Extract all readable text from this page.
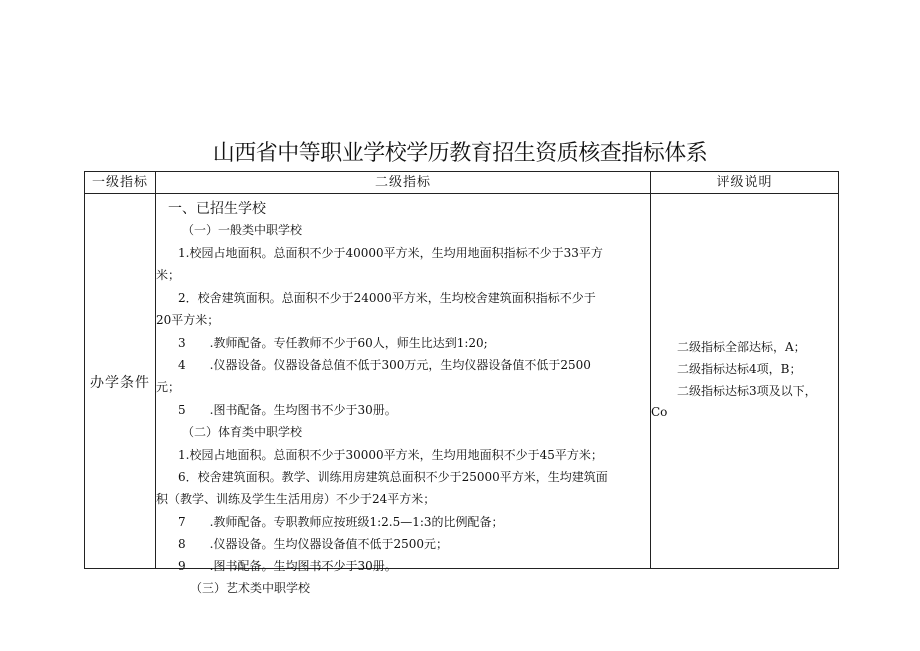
山西省中等职业学校学历教育招生资质核查指标体系
一级指标	二级指标	评级说明
办学条件
一、已招生学校
（一）一般类中职学校
1.校园占地面积。总面积不少于40000平方米，生均用地面积指标不少于33平方
米；
2．校舍建筑面积。总面积不少于24000平方米，生均校舍建筑面积指标不少于
20平方米；
3　　.教师配备。专任教师不少于60人，师生比达到1:20;
4　　.仪器设备。仪器设备总值不低于300万元，生均仪器设备值不低于2500
元；
5　　.图书配备。生均图书不少于30册。
（二）体育类中职学校
1.校园占地面积。总面积不少于30000平方米，生均用地面积不少于45平方米；
6．校舍建筑面积。教学、训练用房建筑总面积不少于25000平方米，生均建筑面
积（教学、训练及学生生活用房）不少于24平方米；
7　　.教师配备。专职教师应按班级1:2.5—1:3的比例配备；
8　　.仪器设备。生均仪器设备值不低于2500元；
9　　.图书配备。生均图书不少于30册。
（三）艺术类中职学校
二级指标全部达标，A；
二级指标达标4项，B；
二级指标达标3项及以下，
Co
